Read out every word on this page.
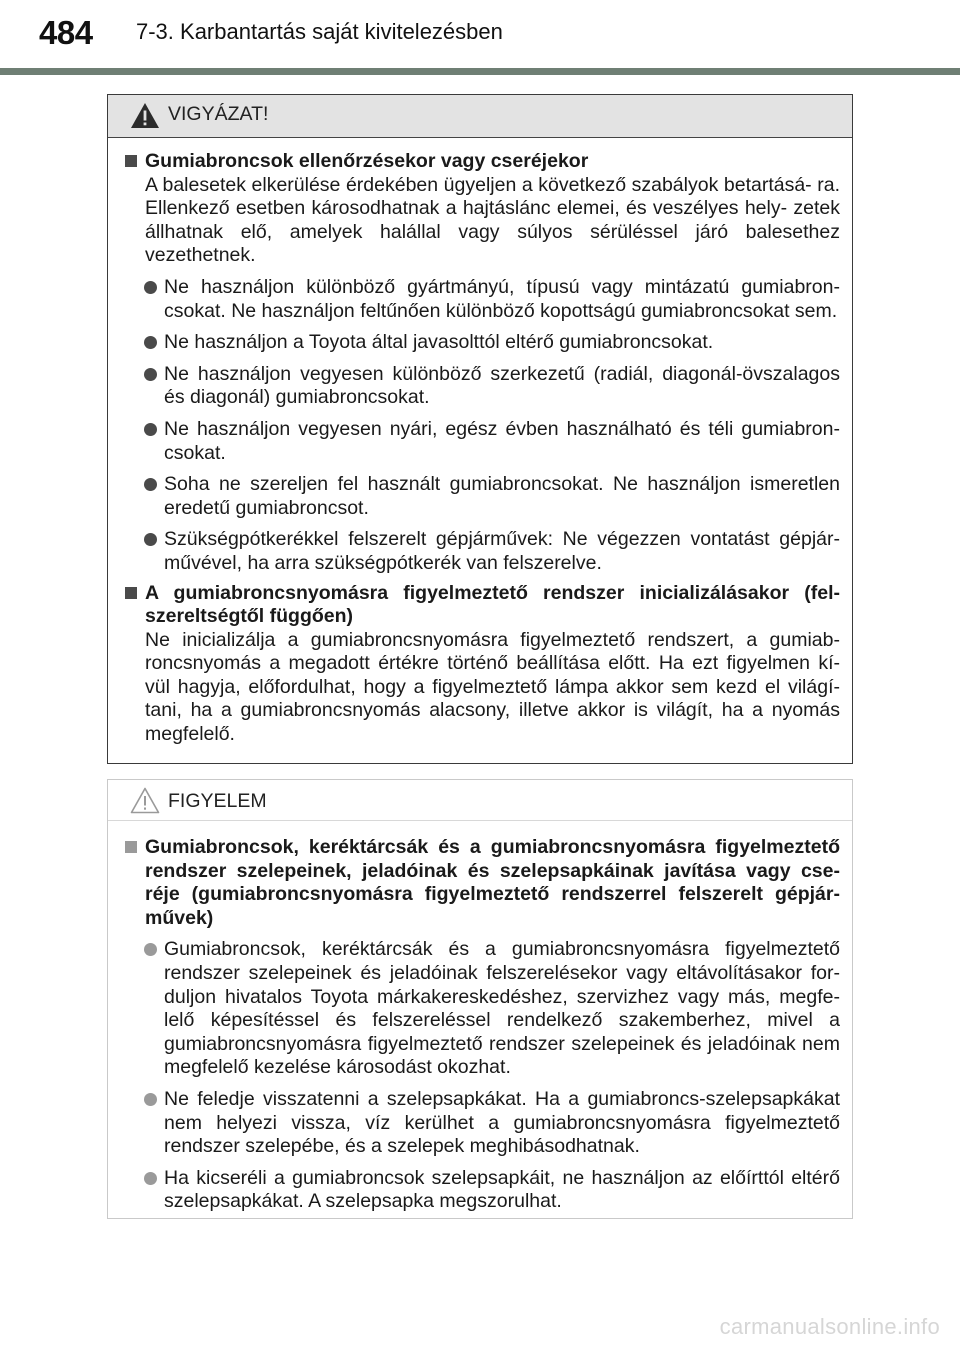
484 7-3. Karbantartás saját kivitelezésben
VIGYÁZAT!
Gumiabroncsok ellenőrzésekor vagy cseréjekor
A balesetek elkerülése érdekében ügyeljen a következő szabályok betartásá- ra. Ellenkező esetben károsodhatnak a hajtáslánc elemei, és veszélyes hely- zetek állhatnak elő, amelyek halállal vagy súlyos sérüléssel járó balesethez vezethetnek.
Ne használjon különböző gyártmányú, típusú vagy mintázatú gumiabron- csokat. Ne használjon feltűnően különböző kopottságú gumiabroncsokat sem.
Ne használjon a Toyota által javasolttól eltérő gumiabroncsokat.
Ne használjon vegyesen különböző szerkezetű (radiál, diagonál-övszalagos és diagonál) gumiabroncsokat.
Ne használjon vegyesen nyári, egész évben használható és téli gumiabron- csokat.
Soha ne szereljen fel használt gumiabroncsokat. Ne használjon ismeretlen eredetű gumiabroncsot.
Szükségpótkerékkel felszerelt gépjárművek: Ne végezzen vontatást gépjár- művével, ha arra szükségpótkerék van felszerelve.
A gumiabroncsnyomásra figyelmeztető rendszer inicializálásakor (fel- szereltségtől függően)
Ne inicializálja a gumiabroncsnyomásra figyelmeztető rendszert, a gumiab- roncsnyomás a megadott értékre történő beállítása előtt. Ha ezt figyelmen kí- vül hagyja, előfordulhat, hogy a figyelmeztető lámpa akkor sem kezd el világí- tani, ha a gumiabroncsnyomás alacsony, illetve akkor is világít, ha a nyomás megfelelő.
FIGYELEM
Gumiabroncsok, keréktárcsák és a gumiabroncsnyomásra figyelmeztető rendszer szelepeinek, jeladóinak és szelepsapkáinak javítása vagy cse- réje (gumiabroncsnyomásra figyelmeztető rendszerrel felszerelt gépjár- művek)
Gumiabroncsok, keréktárcsák és a gumiabroncsnyomásra figyelmeztető rendszer szelepeinek és jeladóinak felszerelésekor vagy eltávolításakor for- duljon hivatalos Toyota márkakereskedéshez, szervizhez vagy más, megfe- lelő képesítéssel és felszereléssel rendelkező szakemberhez, mivel a gumiabroncsnyomásra figyelmeztető rendszer szelepeinek és jeladóinak nem megfelelő kezelése károsodást okozhat.
Ne feledje visszatenni a szelepsapkákat. Ha a gumiabroncs-szelepsapkákat nem helyezi vissza, víz kerülhet a gumiabroncsnyomásra figyelmeztető rendszer szelepébe, és a szelepek meghibásodhatnak.
Ha kicseréli a gumiabroncsok szelepsapkáit, ne használjon az előírttól eltérő szelepsapkákat. A szelepsapka megszorulhat.
carmanualsonline.info
